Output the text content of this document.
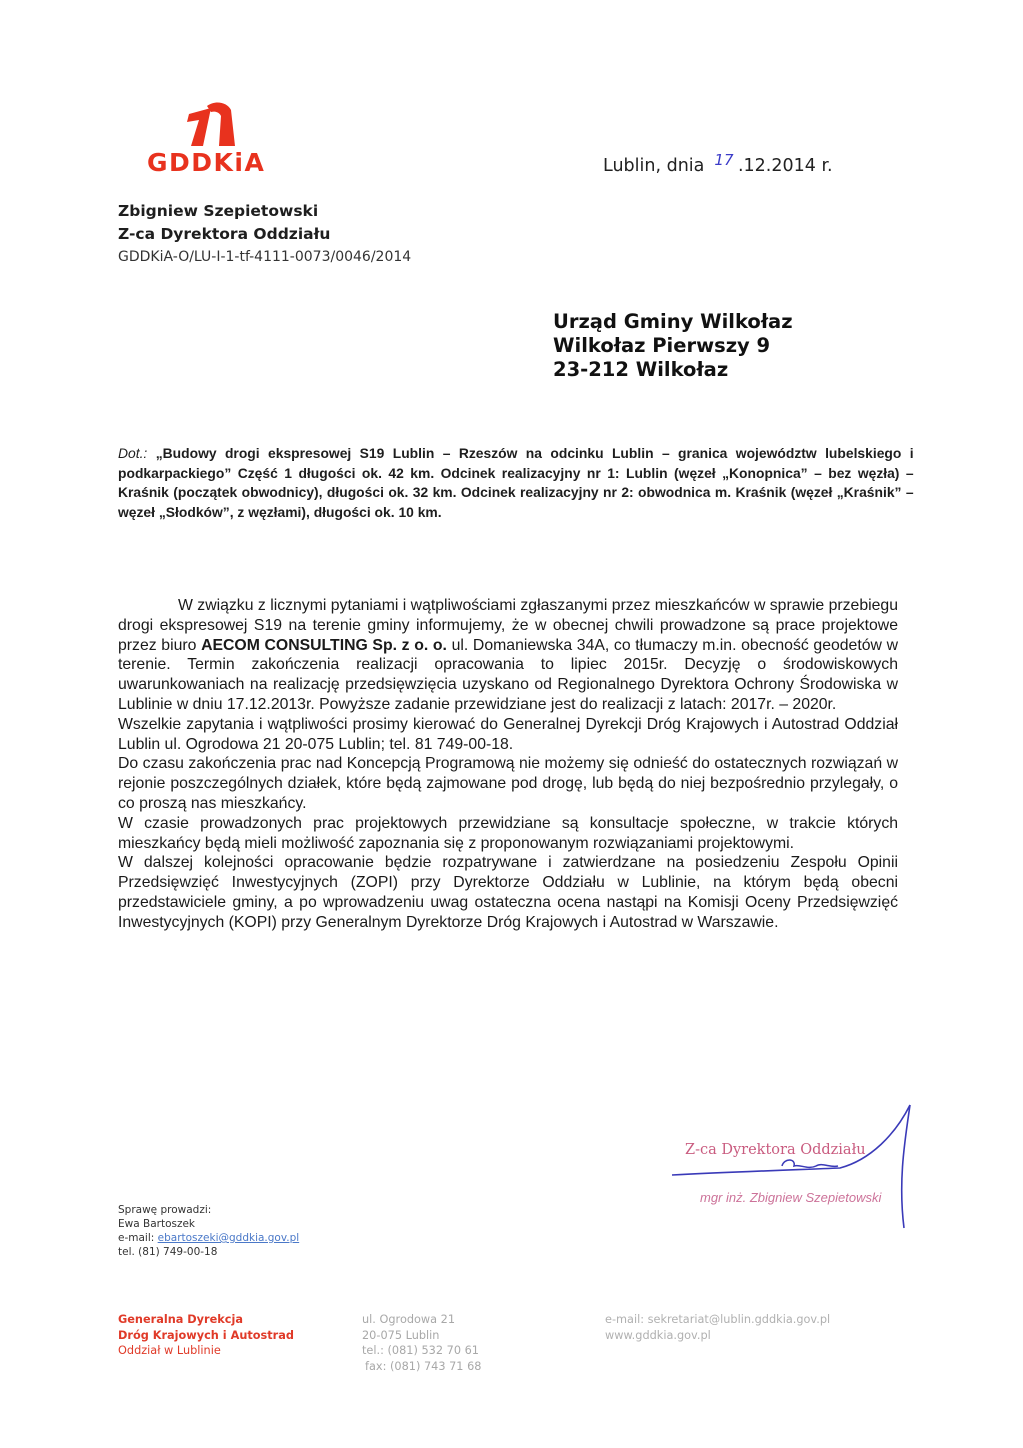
GDDKiA	Lublin, dnia 17 .12.2014 r.
Zbigniew Szepietowski
Z-ca Dyrektora Oddziału
GDDKiA-O/LU-I-1-tf-4111-0073/0046/2014
Urząd Gminy Wilkołaz
Wilkołaz Pierwszy 9
23-212 Wilkołaz
Dot.: „Budowy drogi ekspresowej S19 Lublin – Rzeszów na odcinku Lublin – granica województw lubelskiego i podkarpackiego” Część 1 długości ok. 42 km. Odcinek realizacyjny nr 1: Lublin (węzeł „Konopnica” – bez węzła) – Kraśnik (początek obwodnicy), długości ok. 32 km. Odcinek realizacyjny nr 2: obwodnica m. Kraśnik (węzeł „Kraśnik” – węzeł „Słodków”, z węzłami), długości ok. 10 km.

W związku z licznymi pytaniami i wątpliwościami zgłaszanymi przez mieszkańców w sprawie przebiegu drogi ekspresowej S19 na terenie gminy informujemy, że w obecnej chwili prowadzone są prace projektowe przez biuro AECOM CONSULTING Sp. z o. o. ul. Domaniewska 34A, co tłumaczy m.in. obecność geodetów w terenie. Termin zakończenia realizacji opracowania to lipiec 2015r. Decyzję o środowiskowych uwarunkowaniach na realizację przedsięwzięcia uzyskano od Regionalnego Dyrektora Ochrony Środowiska w Lublinie w dniu 17.12.2013r. Powyższe zadanie przewidziane jest do realizacji z latach: 2017r. – 2020r.

Wszelkie zapytania i wątpliwości prosimy kierować do Generalnej Dyrekcji Dróg Krajowych i Autostrad Oddział Lublin ul. Ogrodowa 21 20-075 Lublin; tel. 81 749-00-18.

Do czasu zakończenia prac nad Koncepcją Programową nie możemy się odnieść do ostatecznych rozwiązań w rejonie poszczególnych działek, które będą zajmowane pod drogę, lub będą do niej bezpośrednio przylegały, o co proszą nas mieszkańcy.

W czasie prowadzonych prac projektowych przewidziane są konsultacje społeczne, w trakcie których mieszkańcy będą mieli możliwość zapoznania się z proponowanym rozwiązaniami projektowymi.

W dalszej kolejności opracowanie będzie rozpatrywane i zatwierdzane na posiedzeniu Zespołu Opinii Przedsięwzięć Inwestycyjnych (ZOPI) przy Dyrektorze Oddziału w Lublinie, na którym będą obecni przedstawiciele gminy, a po wprowadzeniu uwag ostateczna ocena nastąpi na Komisji Oceny Przedsięwzięć Inwestycyjnych (KOPI) przy Generalnym Dyrektorze Dróg Krajowych i Autostrad w Warszawie.

Z-ca Dyrektora Oddziału
mgr inż. Zbigniew Szepietowski
Sprawę prowadzi:
Ewa Bartoszek
e-mail: ebartoszeki@gddkia.gov.pl
tel. (81) 749-00-18
Generalna Dyrekcja
Dróg Krajowych i Autostrad
Oddział w Lublinie
ul. Ogrodowa 21
20-075 Lublin
tel.: (081) 532 70 61
fax: (081) 743 71 68
e-mail: sekretariat@lublin.gddkia.gov.pl
www.gddkia.gov.pl
